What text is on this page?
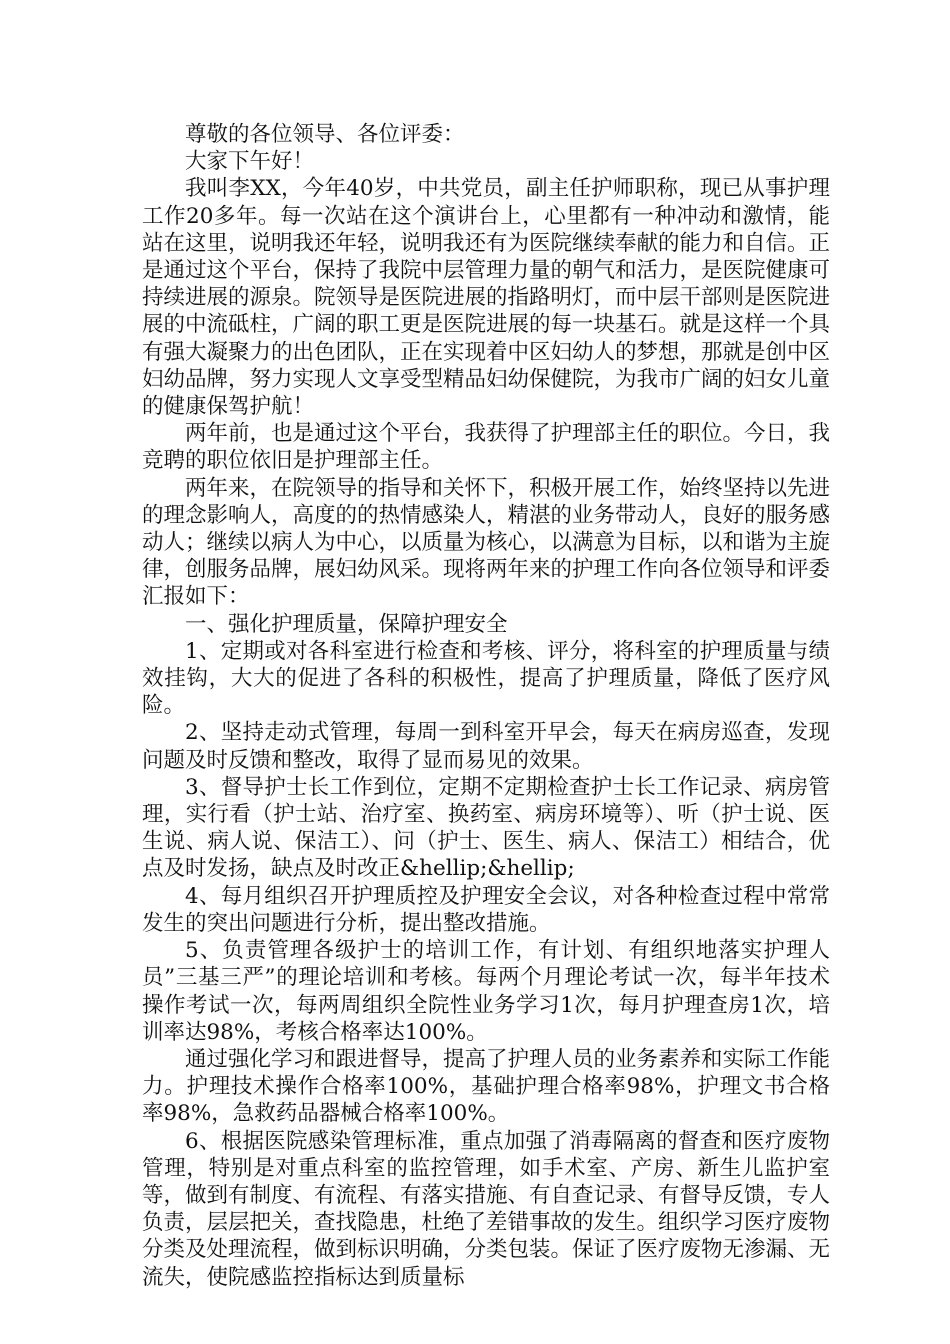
尊敬的各位领导、各位评委：

大家下午好！

我叫李XX，今年40岁，中共党员，副主任护师职称，现已从事护理工作20多年。每一次站在这个演讲台上，心里都有一种冲动和激情，能站在这里，说明我还年轻，说明我还有为医院继续奉献的能力和自信。正是通过这个平台，保持了我院中层管理力量的朝气和活力，是医院健康可持续进展的源泉。院领导是医院进展的指路明灯，而中层干部则是医院进展的中流砥柱，广阔的职工更是医院进展的每一块基石。就是这样一个具有强大凝聚力的出色团队，正在实现着中区妇幼人的梦想，那就是创中区妇幼品牌，努力实现人文享受型精品妇幼保健院，为我市广阔的妇女儿童的健康保驾护航！

两年前，也是通过这个平台，我获得了护理部主任的职位。今日，我竞聘的职位依旧是护理部主任。

两年来，在院领导的指导和关怀下，积极开展工作，始终坚持以先进的理念影响人，高度的的热情感染人，精湛的业务带动人，良好的服务感动人；继续以病人为中心，以质量为核心，以满意为目标，以和谐为主旋律，创服务品牌，展妇幼风采。现将两年来的护理工作向各位领导和评委汇报如下：

一、强化护理质量，保障护理安全

1、定期或对各科室进行检查和考核、评分，将科室的护理质量与绩效挂钩，大大的促进了各科的积极性，提高了护理质量，降低了医疗风险。

2、坚持走动式管理，每周一到科室开早会，每天在病房巡查，发现问题及时反馈和整改，取得了显而易见的效果。

3、督导护士长工作到位，定期不定期检查护士长工作记录、病房管理，实行看（护士站、治疗室、换药室、病房环境等）、听（护士说、医生说、病人说、保洁工）、问（护士、医生、病人、保洁工）相结合，优点及时发扬，缺点及时改正&hellip;&hellip;

4、每月组织召开护理质控及护理安全会议，对各种检查过程中常常发生的突出问题进行分析，提出整改措施。

5、负责管理各级护士的培训工作，有计划、有组织地落实护理人员”三基三严”的理论培训和考核。每两个月理论考试一次，每半年技术操作考试一次，每两周组织全院性业务学习1次，每月护理查房1次，培训率达98%，考核合格率达100%。

通过强化学习和跟进督导，提高了护理人员的业务素养和实际工作能力。护理技术操作合格率100%，基础护理合格率98%，护理文书合格率98%，急救药品器械合格率100%。

6、根据医院感染管理标准，重点加强了消毒隔离的督查和医疗废物管理，特别是对重点科室的监控管理，如手术室、产房、新生儿监护室等，做到有制度、有流程、有落实措施、有自查记录、有督导反馈，专人负责，层层把关，查找隐患，杜绝了差错事故的发生。组织学习医疗废物分类及处理流程，做到标识明确，分类包装。保证了医疗废物无渗漏、无流失，使院感监控指标达到质量标
